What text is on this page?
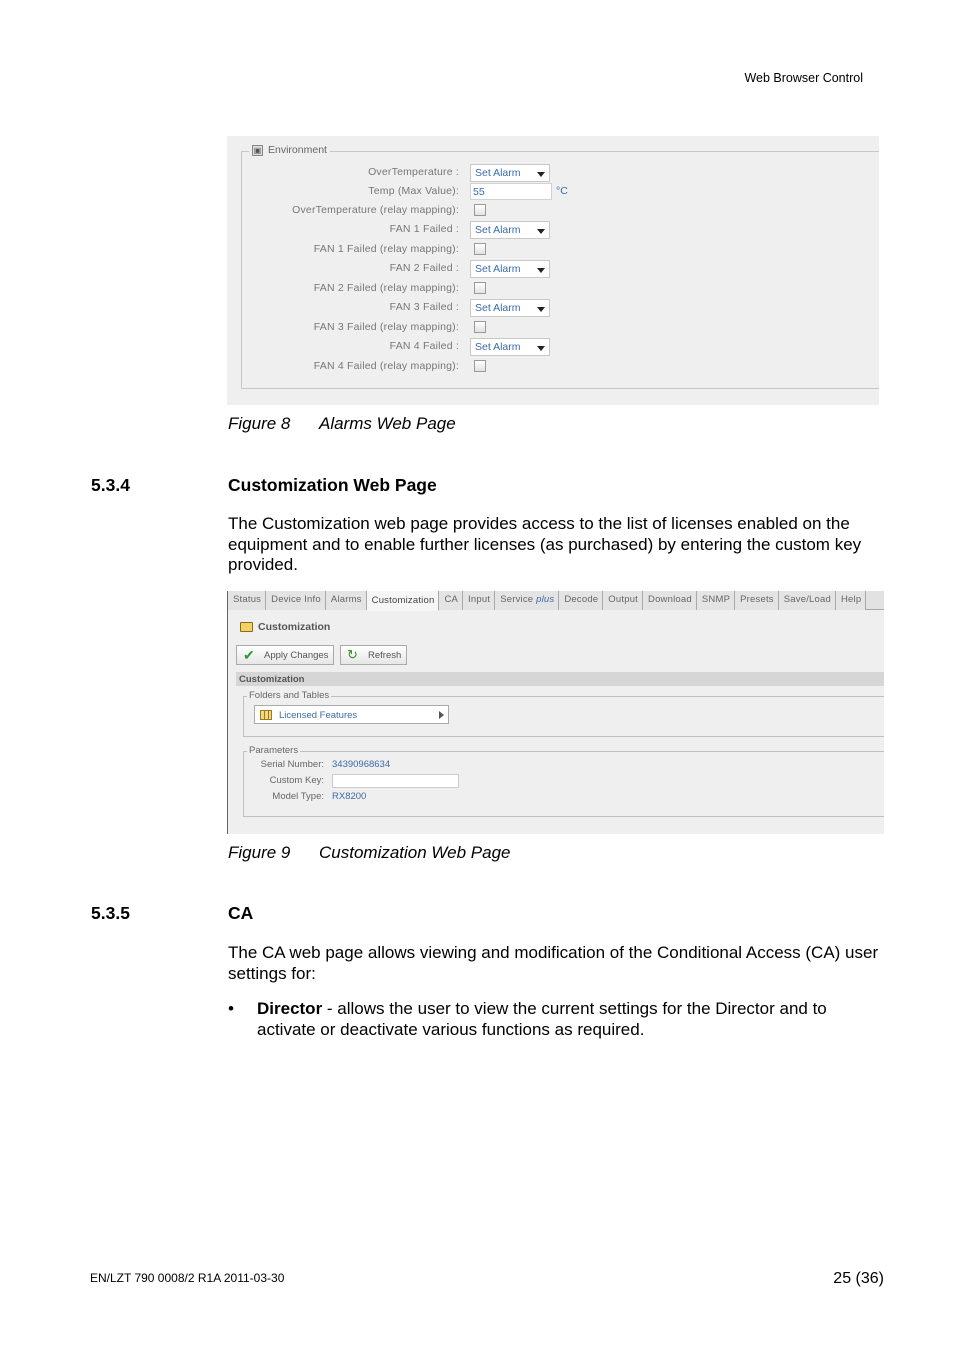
Web Browser Control
▣ Environment
OverTemperature :	Set Alarm
Temp (Max Value): 55	°C
OverTemperature (relay mapping):
FAN 1 Failed :	Set Alarm
FAN 1 Failed (relay mapping):
FAN 2 Failed :	Set Alarm
FAN 2 Failed (relay mapping):
FAN 3 Failed :	Set Alarm
FAN 3 Failed (relay mapping):
FAN 4 Failed :	Set Alarm
FAN 4 Failed (relay mapping):
Figure 8 Alarms Web Page
5.3.4	Customization Web Page
The Customization web page provides access to the list of licenses enabled on the equipment and to enable further licenses (as purchased) by entering the custom key provided.
Status	Device Info	Alarms	Customization	CA	Input	Service plus	Decode	Output	Download	SNMP	Presets	Save/Load	Help
Customization
✔ Apply Changes	↻ Refresh
Customization
Folders and Tables
Licensed Features
Parameters
Serial Number: 34390968634
Custom Key:
Model Type: RX8200
Figure 9 Customization Web Page
5.3.5	CA
The CA web page allows viewing and modification of the Conditional Access (CA) user settings for:
• Director - allows the user to view the current settings for the Director and to activate or deactivate various functions as required.
EN/LZT 790 0008/2 R1A 2011-03-30	25 (36)
